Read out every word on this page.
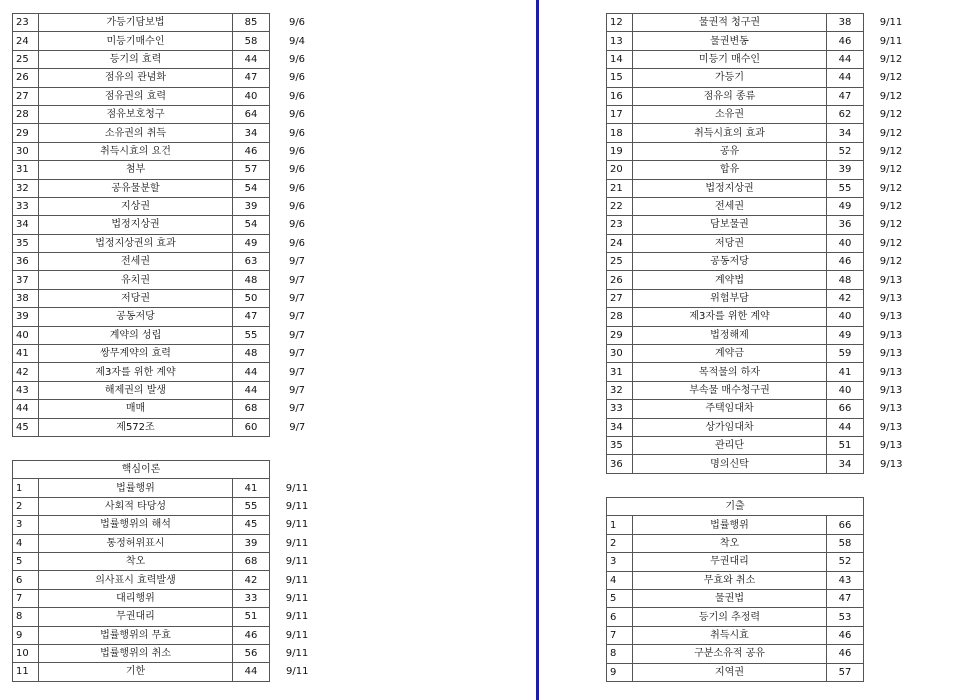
23	가등기담보법	85	9/6
24	미등기매수인	58	9/4
25	등기의 효력	44	9/6
26	점유의 관념화	47	9/6
27	점유권의 효력	40	9/6
28	점유보호청구	64	9/6
29	소유권의 취득	34	9/6
30	취득시효의 요건	46	9/6
31	첨부	57	9/6
32	공유물분할	54	9/6
33	지상권	39	9/6
34	법정지상권	54	9/6
35	법정지상권의 효과	49	9/6
36	전세권	63	9/7
37	유치권	48	9/7
38	저당권	50	9/7
39	공동저당	47	9/7
40	계약의 성립	55	9/7
41	쌍무계약의 효력	48	9/7
42	제3자를 위한 계약	44	9/7
43	해제권의 발생	44	9/7
44	매매	68	9/7
45	제572조	60	9/7
핵심이론			
1	법률행위	41	9/11
2	사회적 타당성	55	9/11
3	법률행위의 해석	45	9/11
4	통정허위표시	39	9/11
5	착오	68	9/11
6	의사표시 효력발생	42	9/11
7	대리행위	33	9/11
8	무권대리	51	9/11
9	법률행위의 무효	46	9/11
10	법률행위의 취소	56	9/11
11	기한	44	9/11
12	물권적 청구권	38	9/11
13	물권변동	46	9/11
14	미등기 매수인	44	9/12
15	가등기	44	9/12
16	점유의 종류	47	9/12
17	소유권	62	9/12
18	취득시효의 효과	34	9/12
19	공유	52	9/12
20	합유	39	9/12
21	법정지상권	55	9/12
22	전세권	49	9/12
23	담보물권	36	9/12
24	저당권	40	9/12
25	공동저당	46	9/12
26	계약법	48	9/13
27	위험부담	42	9/13
28	제3자를 위한 계약	40	9/13
29	법정해제	49	9/13
30	계약금	59	9/13
31	목적물의 하자	41	9/13
32	부속물 매수청구권	40	9/13
33	주택임대차	66	9/13
34	상가임대차	44	9/13
35	관리단	51	9/13
36	명의신탁	34	9/13
기출		
1	법률행위	66
2	착오	58
3	무권대리	52
4	무효와 취소	43
5	물권법	47
6	등기의 추정력	53
7	취득시효	46
8	구분소유적 공유	46
9	지역권	57
